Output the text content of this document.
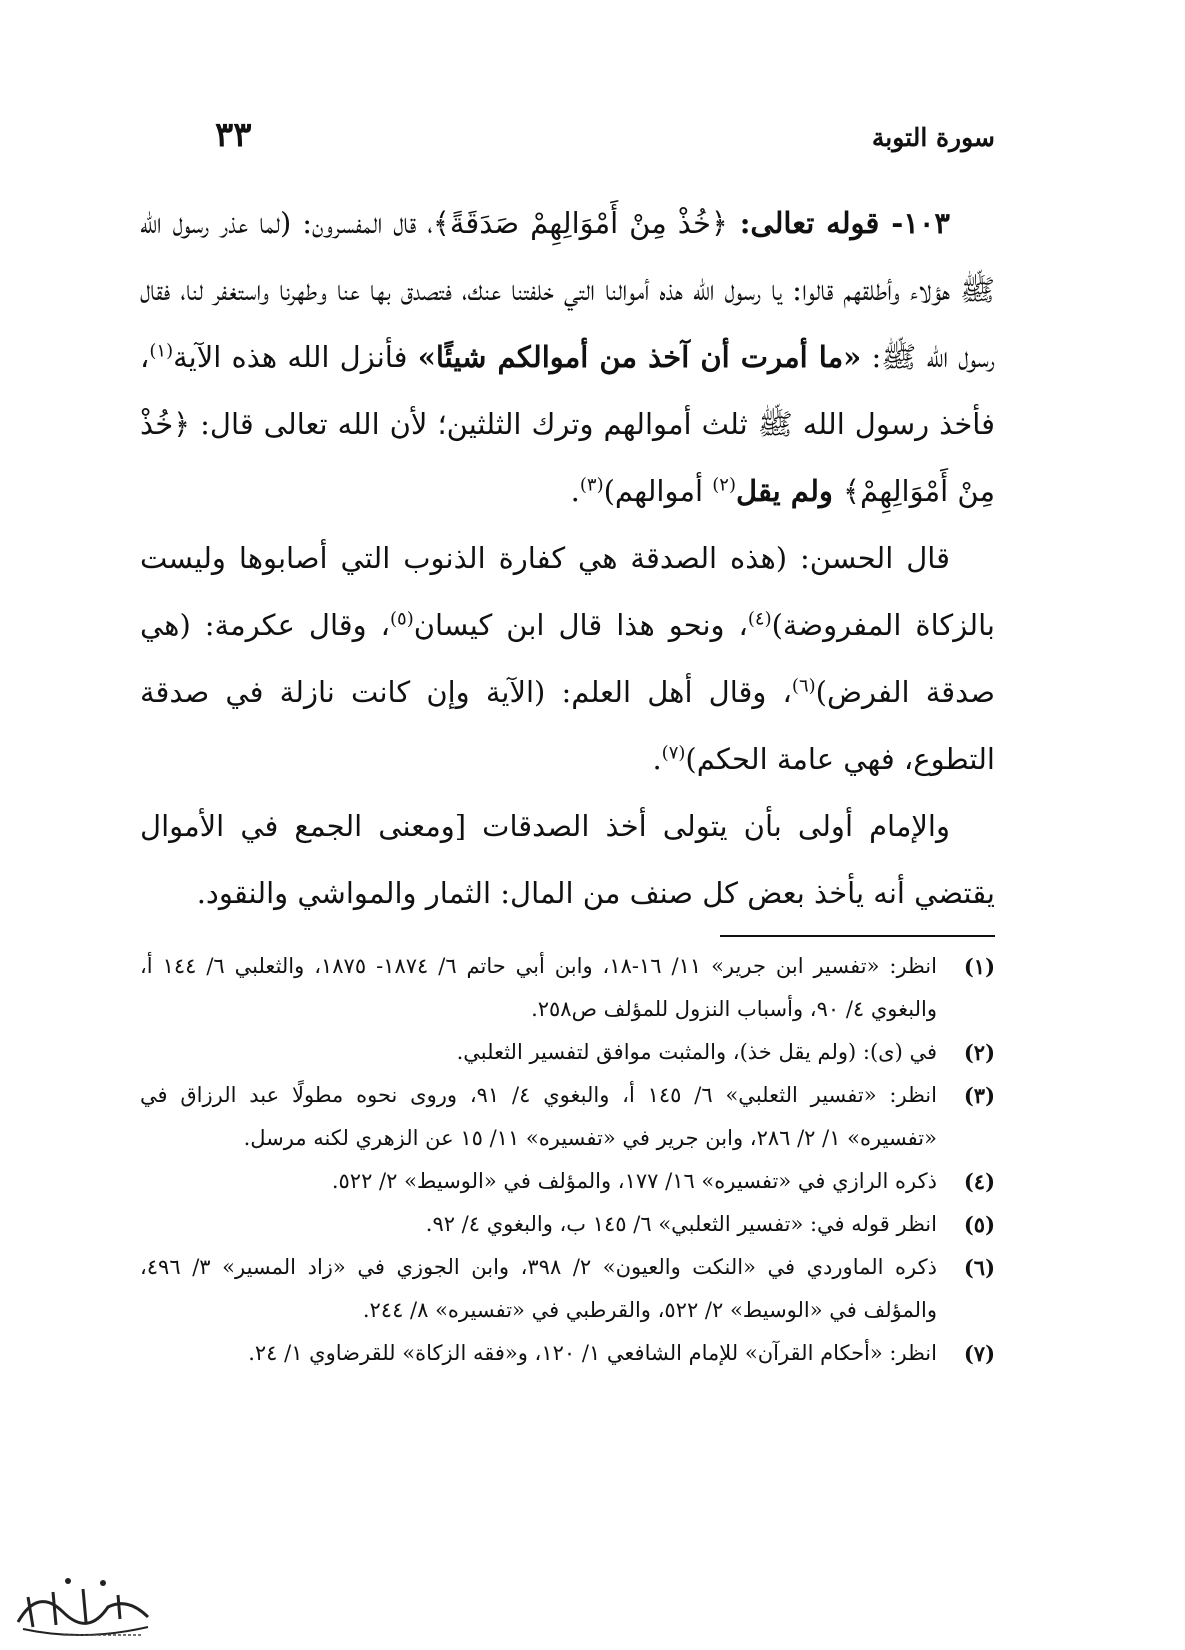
٣٣	سورة التوبة

١٠٣- قوله تعالى: ﴿خُذْ مِنْ أَمْوَالِهِمْ صَدَقَةً﴾، قال المفسرون: (لما عذر رسول الله ﷺ هؤلاء وأطلقهم قالوا: يا رسول الله هذه أموالنا التي خلفتنا عنك، فتصدق بها عنا وطهرنا واستغفر لنا، فقال رسول الله ﷺ: «ما أمرت أن آخذ من أموالكم شيئًا» فأنزل الله هذه الآية$^{(١)}$، فأخذ رسول الله ﷺ ثلث أموالهم وترك الثلثين؛ لأن الله تعالى قال: ﴿خُذْ مِنْ أَمْوَالِهِمْ﴾ ولم يقل$^{(٢)}$ أموالهم)$^{(٣)}$.

قال الحسن: (هذه الصدقة هي كفارة الذنوب التي أصابوها وليست بالزكاة المفروضة)$^{(٤)}$، ونحو هذا قال ابن كيسان$^{(٥)}$، وقال عكرمة: (هي صدقة الفرض)$^{(٦)}$، وقال أهل العلم: (الآية وإن كانت نازلة في صدقة التطوع، فهي عامة الحكم)$^{(٧)}$.

والإمام أولى بأن يتولى أخذ الصدقات [ومعنى الجمع في الأموال يقتضي أنه يأخذ بعض كل صنف من المال: الثمار والمواشي والنقود.

(١)
انظر: «تفسير ابن جرير» ١١/ ١٦-١٨، وابن أبي حاتم ٦/ ١٨٧٤- ١٨٧٥، والثعلبي ٦/ ١٤٤ أ، والبغوي ٤/ ٩٠، وأسباب النزول للمؤلف ص٢٥٨.
(٢)
في (ى): (ولم يقل خذ)، والمثبت موافق لتفسير الثعلبي.
(٣)
انظر: «تفسير الثعلبي» ٦/ ١٤٥ أ، والبغوي ٤/ ٩١، وروى نحوه مطولًا عبد الرزاق في «تفسيره» ١/ ٢/ ٢٨٦، وابن جرير في «تفسيره» ١١/ ١٥ عن الزهري لكنه مرسل.
(٤)
ذكره الرازي في «تفسيره» ١٦/ ١٧٧، والمؤلف في «الوسيط» ٢/ ٥٢٢.
(٥)
انظر قوله في: «تفسير الثعلبي» ٦/ ١٤٥ ب، والبغوي ٤/ ٩٢.
(٦)
ذكره الماوردي في «النكت والعيون» ٢/ ٣٩٨، وابن الجوزي في «زاد المسير» ٣/ ٤٩٦، والمؤلف في «الوسيط» ٢/ ٥٢٢، والقرطبي في «تفسيره» ٨/ ٢٤٤.
(٧)
انظر: «أحكام القرآن» للإمام الشافعي ١/ ١٢٠، و«فقه الزكاة» للقرضاوي ١/ ٢٤.
